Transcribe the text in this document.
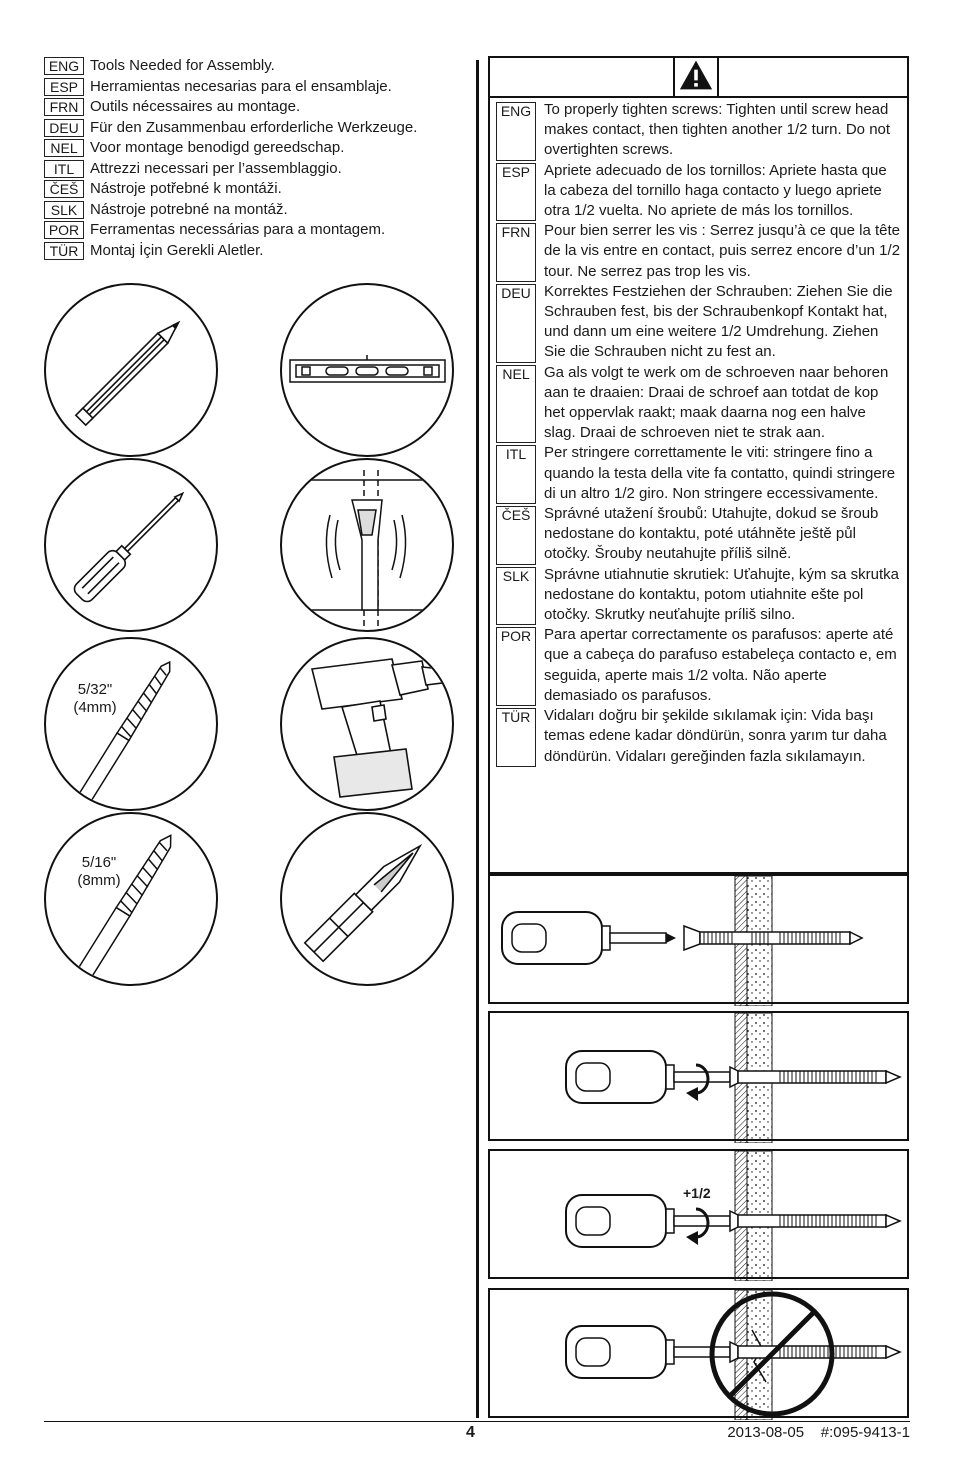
ENG Tools Needed for Assembly.
ESP Herramientas necesarias para el ensamblaje.
FRN Outils nécessaires au montage.
DEU Für den Zusammenbau erforderliche Werkzeuge.
NEL Voor montage benodigd gereedschap.
ITL	Attrezzi necessari per l’assemblaggio.
ČEŠ Nástroje potřebné k montáži.
SLK Nástroje potrebné na montáž.
POR Ferramentas necessárias para a montagem.
TÜR Montaj İçin Gerekli Aletler.
5/32"
(4mm)
5/16"
(8mm)
ENG To properly tighten screws: Tighten until screw head makes contact, then tighten another 1/2 turn. Do not overtighten screws.
ESP Apriete adecuado de los tornillos: Apriete hasta que la cabeza del tornillo haga contacto y luego apriete otra 1/2 vuelta. No apriete de más los tornillos.
FRN Pour bien serrer les vis : Serrez jusqu’à ce que la tête de la vis entre en contact, puis serrez encore d’un 1/2 tour. Ne serrez pas trop les vis.
DEU Korrektes Festziehen der Schrauben: Ziehen Sie die Schrauben fest, bis der Schraubenkopf Kontakt hat, und dann um eine weitere 1/2 Umdrehung. Ziehen Sie die Schrauben nicht zu fest an.
NEL Ga als volgt te werk om de schroeven naar behoren aan te draaien: Draai de schroef aan totdat de kop het oppervlak raakt; maak daarna nog een halve slag. Draai de schroeven niet te strak aan.
ITL	Per stringere correttamente le viti: stringere fino a quando la testa della vite fa contatto, quindi stringere di un altro 1/2 giro. Non stringere eccessivamente.
ČEŠ Správné utažení šroubů: Utahujte, dokud se šroub nedostane do kontaktu, poté utáhněte ještě půl otočky. Šrouby neutahujte příliš silně.
SLK Správne utiahnutie skrutiek: Uťahujte, kým sa skrutka nedostane do kontaktu, potom utiahnite ešte pol otočky. Skrutky neuťahujte príliš silno.
POR Para apertar correctamente os parafusos: aperte até que a cabeça do parafuso estabeleça contacto e, em seguida, aperte mais 1/2 volta. Não aperte demasiado os parafusos.
TÜR Vidaları doğru bir şekilde sıkılamak için: Vida başı temas edene kadar döndürün, sonra yarım tur daha döndürün. Vidaları gereğinden fazla sıkılamayın.
+1/2
4	2013-08-05 #:095-9413-1
